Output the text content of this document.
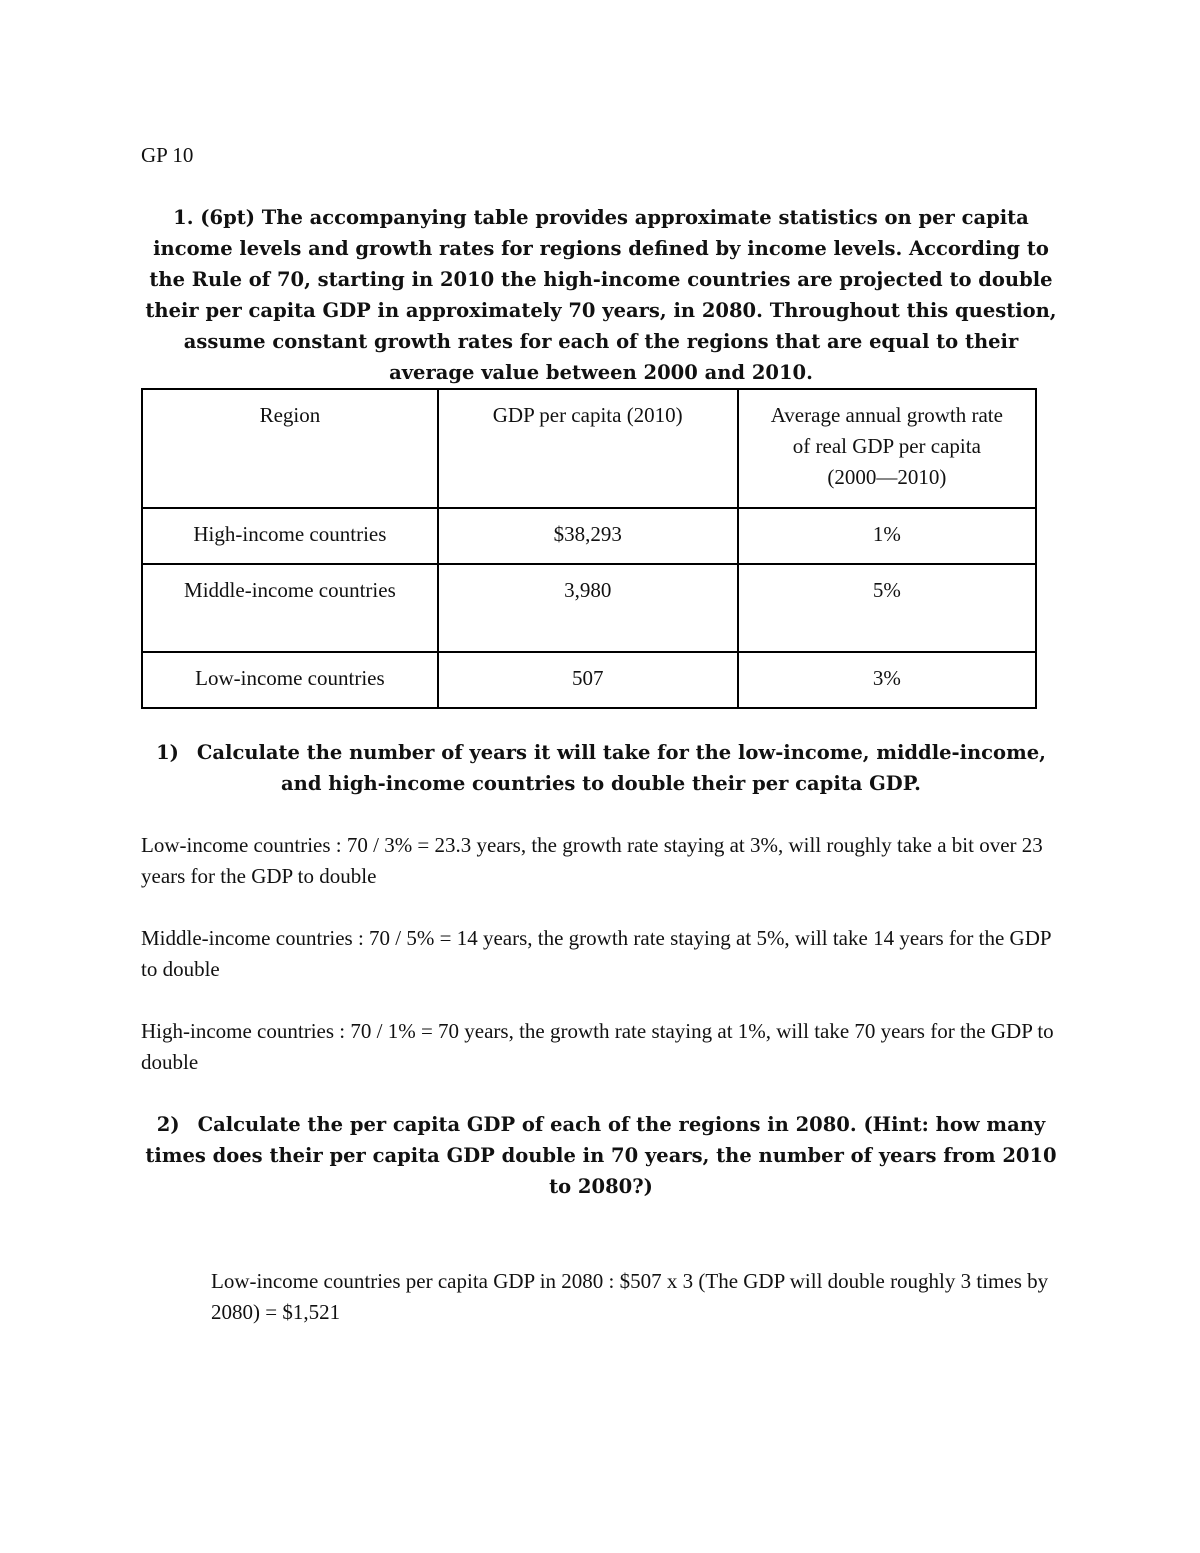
GP 10
1. (6pt) The accompanying table provides approximate statistics on per capita income levels and growth rates for regions defined by income levels. According to the Rule of 70, starting in 2010 the high-income countries are projected to double their per capita GDP in approximately 70 years, in 2080. Throughout this question, assume constant growth rates for each of the regions that are equal to their average value between 2000 and 2010.
Region	GDP per capita (2010)	Average annual growth rate
of real GDP per capita
(2000—2010)
High-income countries	$38,293	1%
Middle-income countries	3,980	5%
Low-income countries	507	3%
1) Calculate the number of years it will take for the low-income, middle-income, and high-income countries to double their per capita GDP.
Low-income countries : 70 / 3% = 23.3 years, the growth rate staying at 3%, will roughly take a bit over 23 years for the GDP to double
Middle-income countries : 70 / 5% = 14 years, the growth rate staying at 5%, will take 14 years for the GDP to double
High-income countries : 70 / 1% = 70 years, the growth rate staying at 1%, will take 70 years for the GDP to double
2) Calculate the per capita GDP of each of the regions in 2080. (Hint: how many times does their per capita GDP double in 70 years, the number of years from 2010 to 2080?)
Low-income countries per capita GDP in 2080 : $507 x 3 (The GDP will double roughly 3 times by 2080) = $1,521
